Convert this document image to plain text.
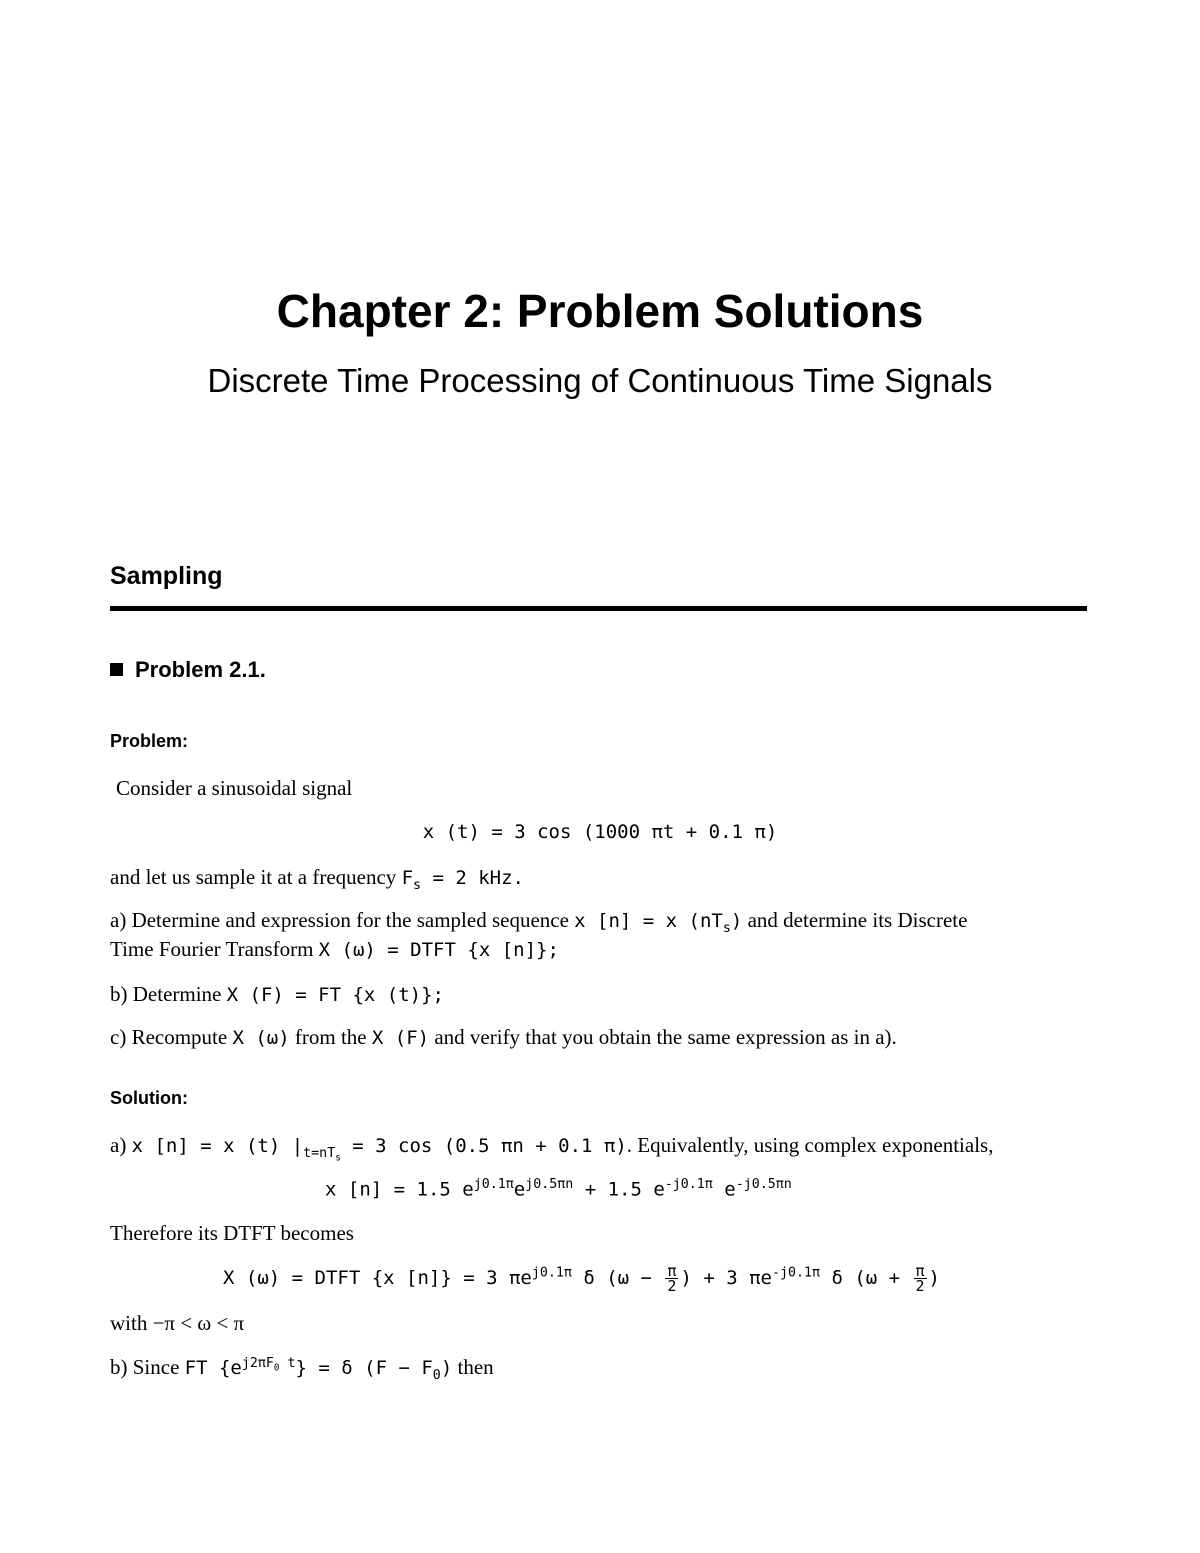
Chapter 2: Problem Solutions
Discrete Time Processing of Continuous Time Signals
Sampling
Problem 2.1.
Problem:
Consider a sinusoidal signal
x (t) = 3 cos (1000 πt + 0.1 π)
and let us sample it at a frequency $F_s = 2$ kHz.
a) Determine and expression for the sampled sequence x [n] = x $(nT_s)$ and determine its Discrete
Time Fourier Transform X (ω) = DTFT {x [n]};
b) Determine X (F) = FT {x (t)};
c) Recompute X (ω) from the X (F) and verify that you obtain the same expression as in a).
Solution:
a) x [n] = x (t) $|_{t=nT_s} = 3$ cos (0.5 πn + 0.1 π). Equivalently, using complex exponentials,
x [n] = 1.5 $e^{j0.1\pi}e^{j0.5\pi n} + 1.5$ $e^{-j0.1\pi}$ $e^{-j0.5\pi n}$
Therefore its DTFT becomes
X (ω) = DTFT {x [n]} = 3 $\pi e^{j0.1\pi}$ δ ($\omega - \frac{\pi}{2}$ ) + 3 $\pi e^{-j0.1\pi}$ δ ($\omega + \frac{\pi}{2}$ )
with −π < ω < π
b) Since FT $\{e^{j2\pi F_0 t}\} = \delta$ $(F - F_0)$ then
